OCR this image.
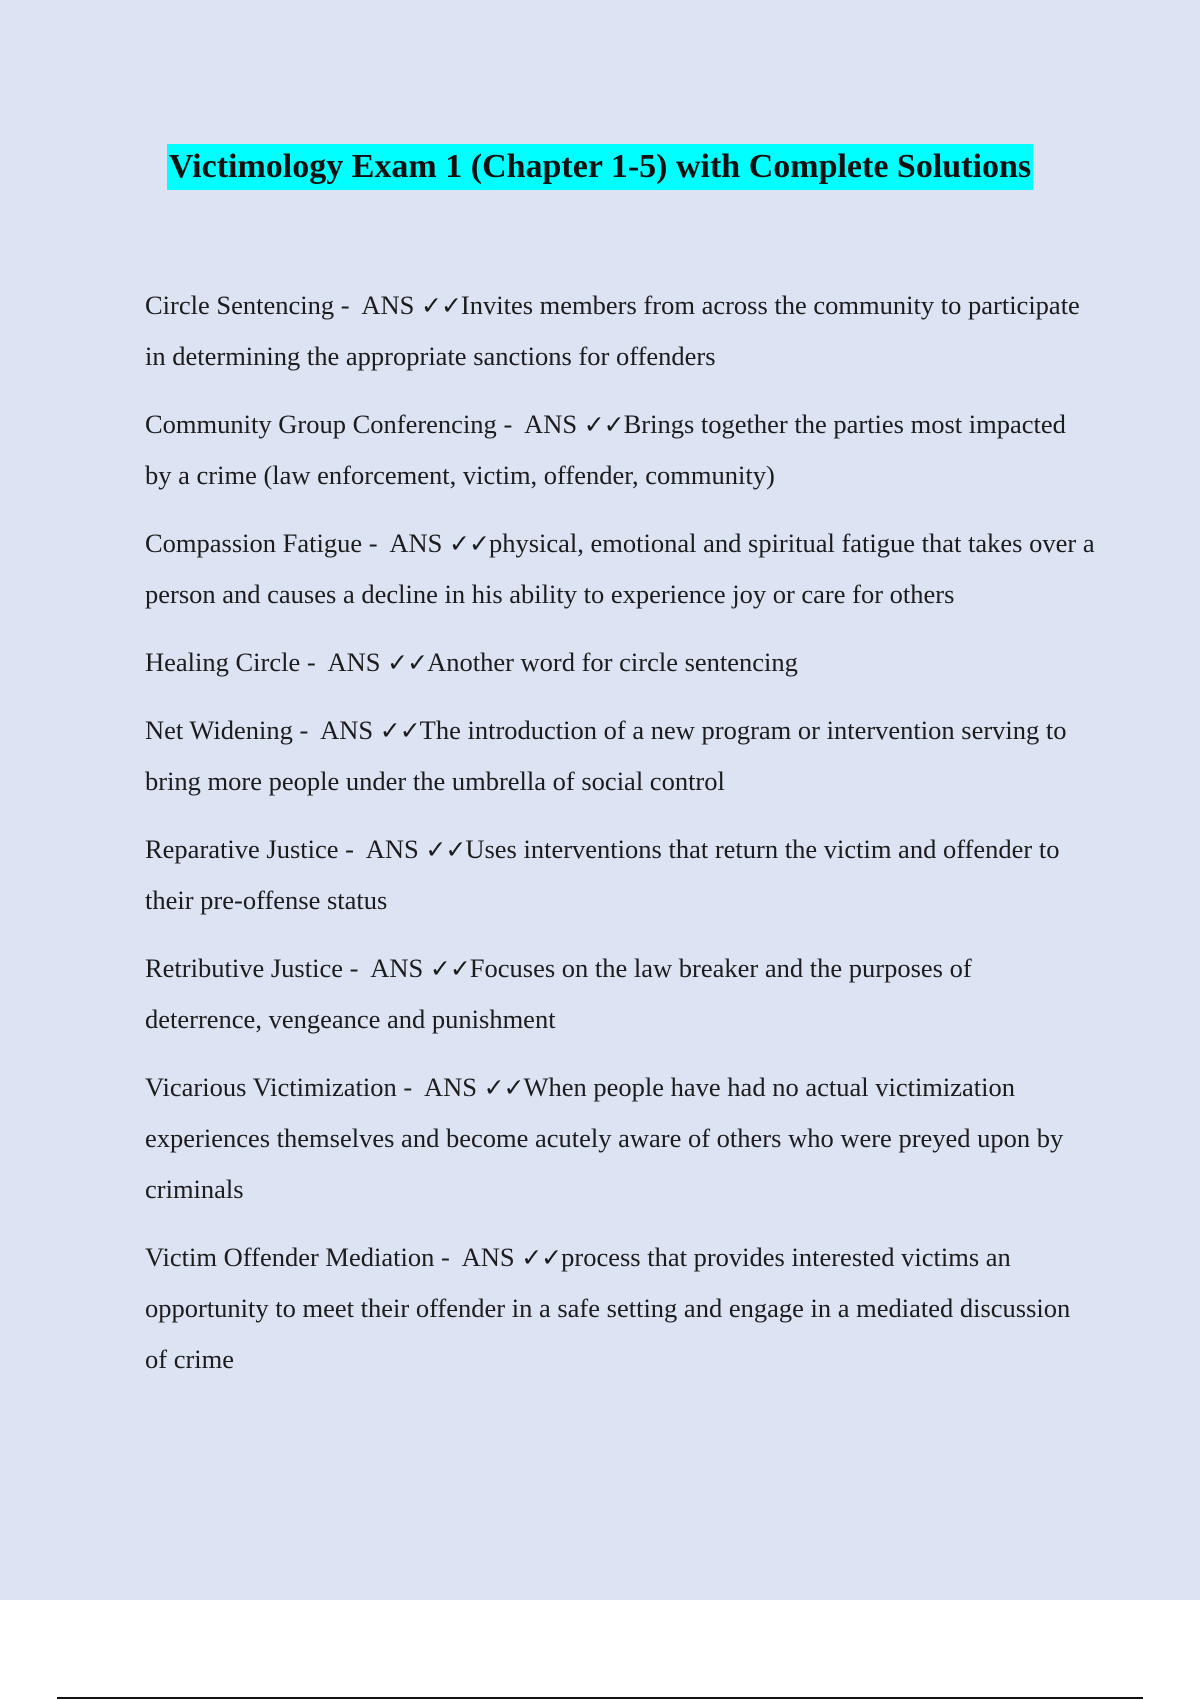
Victimology Exam 1 (Chapter 1-5) with Complete Solutions

Circle Sentencing -  ANS ✓✓Invites members from across the community to participate in determining the appropriate sanctions for offenders

Community Group Conferencing -  ANS ✓✓Brings together the parties most impacted by a crime (law enforcement, victim, offender, community)

Compassion Fatigue -  ANS ✓✓physical, emotional and spiritual fatigue that takes over a person and causes a decline in his ability to experience joy or care for others

Healing Circle -  ANS ✓✓Another word for circle sentencing

Net Widening -  ANS ✓✓The introduction of a new program or intervention serving to bring more people under the umbrella of social control

Reparative Justice -  ANS ✓✓Uses interventions that return the victim and offender to their pre-offense status

Retributive Justice -  ANS ✓✓Focuses on the law breaker and the purposes of deterrence, vengeance and punishment

Vicarious Victimization -  ANS ✓✓When people have had no actual victimization experiences themselves and become acutely aware of others who were preyed upon by criminals

Victim Offender Mediation -  ANS ✓✓process that provides interested victims an opportunity to meet their offender in a safe setting and engage in a mediated discussion of crime
